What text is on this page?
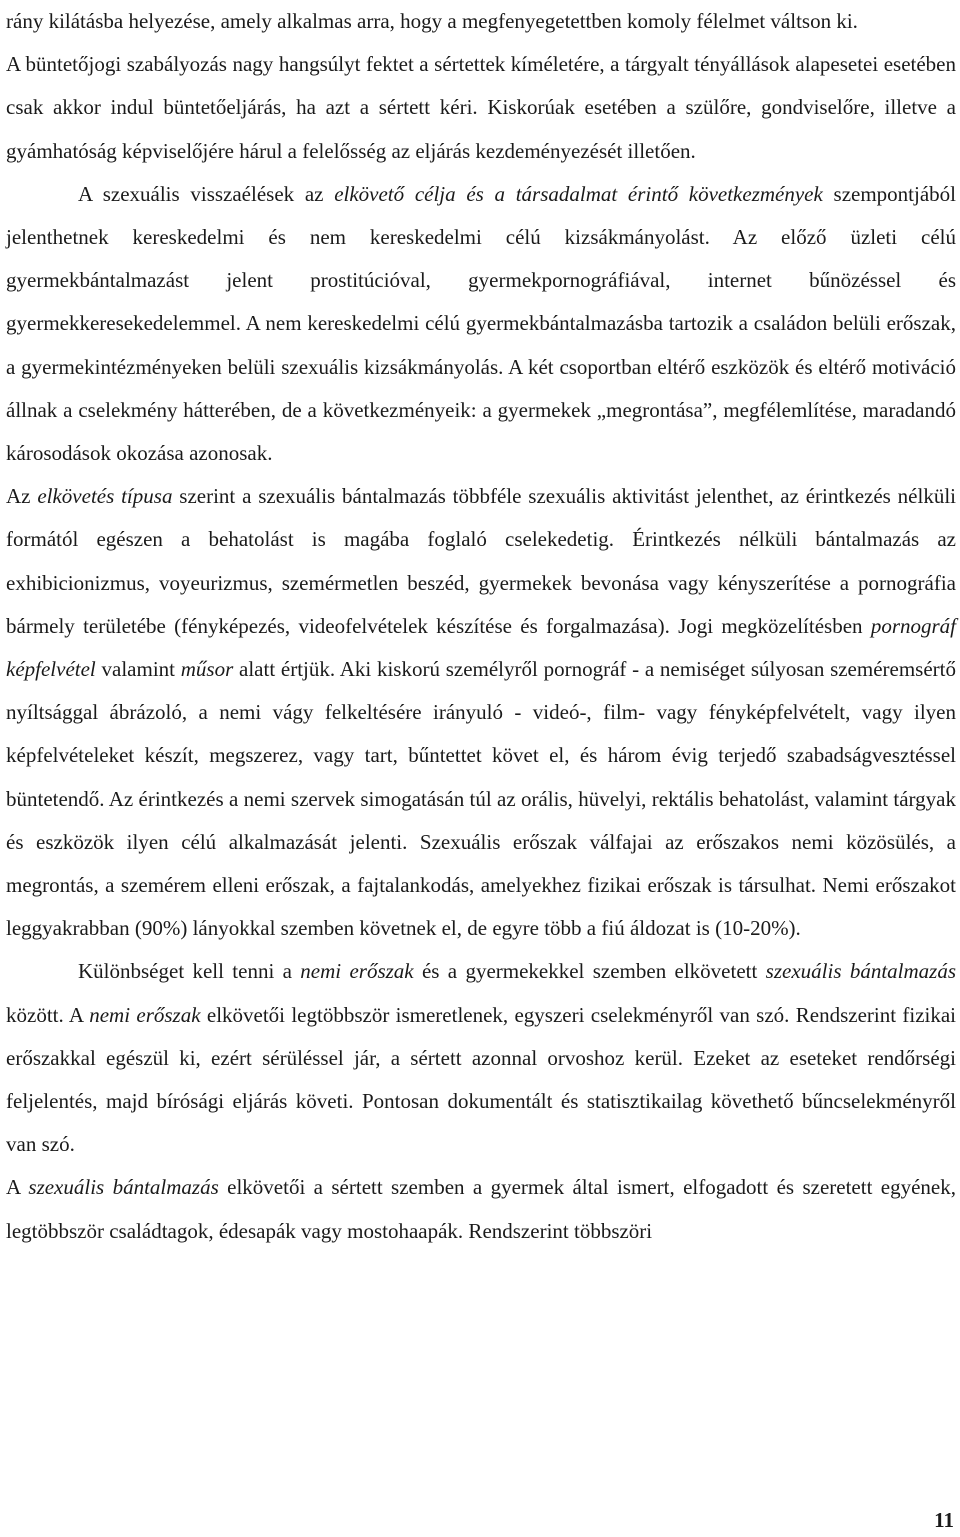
rány kilátásba helyezése, amely alkalmas arra, hogy a megfenyegetettben komoly félelmet váltson ki.

A büntetőjogi szabályozás nagy hangsúlyt fektet a sértettek kíméletére, a tárgyalt tényállások alapesetei esetében csak akkor indul büntetőeljárás, ha azt a sértett kéri. Kiskorúak esetében a szülőre, gondviselőre, illetve a gyámhatóság képviselőjére hárul a felelősség az eljárás kezdeményezését illetően.

A szexuális visszaélések az elkövető célja és a társadalmat érintő következmények szempontjából jelenthetnek kereskedelmi és nem kereskedelmi célú kizsákmányolást. Az előző üzleti célú gyermekbántalmazást jelent prostitúcióval, gyermekpornográfiával, internet bűnözéssel és gyermekkeresekedelemmel. A nem kereskedelmi célú gyermekbántalmazásba tartozik a családon belüli erőszak, a gyermekintézményeken belüli szexuális kizsákmányolás. A két csoportban eltérő eszközök és eltérő motiváció állnak a cselekmény hátterében, de a következményeik: a gyermekek „megrontása”, megfélemlítése, maradandó károsodások okozása azonosak.

Az elkövetés típusa szerint a szexuális bántalmazás többféle szexuális aktivitást jelenthet, az érintkezés nélküli formától egészen a behatolást is magába foglaló cselekedetig. Érintkezés nélküli bántalmazás az exhibicionizmus, voyeurizmus, szemérmetlen beszéd, gyermekek bevonása vagy kényszerítése a pornográfia bármely területébe (fényképezés, videofelvételek készítése és forgalmazása). Jogi megközelítésben pornográf képfelvétel valamint műsor alatt értjük. Aki kiskorú személyről pornográf - a nemiséget súlyosan szeméremsértő nyíltsággal ábrázoló, a nemi vágy felkeltésére irányuló - videó-, film- vagy fényképfelvételt, vagy ilyen képfelvételeket készít, megszerez, vagy tart, bűntettet követ el, és három évig terjedő szabadságvesztéssel büntetendő. Az érintkezés a nemi szervek simogatásán túl az orális, hüvelyi, rektális behatolást, valamint tárgyak és eszközök ilyen célú alkalmazását jelenti. Szexuális erőszak válfajai az erőszakos nemi közösülés, a megrontás, a szemérem elleni erőszak, a fajtalankodás, amelyekhez fizikai erőszak is társulhat. Nemi erőszakot leggyakrabban (90%) lányokkal szemben követnek el, de egyre több a fiú áldozat is (10-20%).

Különbséget kell tenni a nemi erőszak és a gyermekekkel szemben elkövetett szexuális bántalmazás között. A nemi erőszak elkövetői legtöbbször ismeretlenek, egyszeri cselekményről van szó. Rendszerint fizikai erőszakkal egészül ki, ezért sérüléssel jár, a sértett azonnal orvoshoz kerül. Ezeket az eseteket rendőrségi feljelentés, majd bírósági eljárás követi. Pontosan dokumentált és statisztikailag követhető bűncselekményről van szó.

A szexuális bántalmazás elkövetői a sértett szemben a gyermek által ismert, elfogadott és szeretett egyének, legtöbbször családtagok, édesapák vagy mostohaapák. Rendszerint többszöri

11
